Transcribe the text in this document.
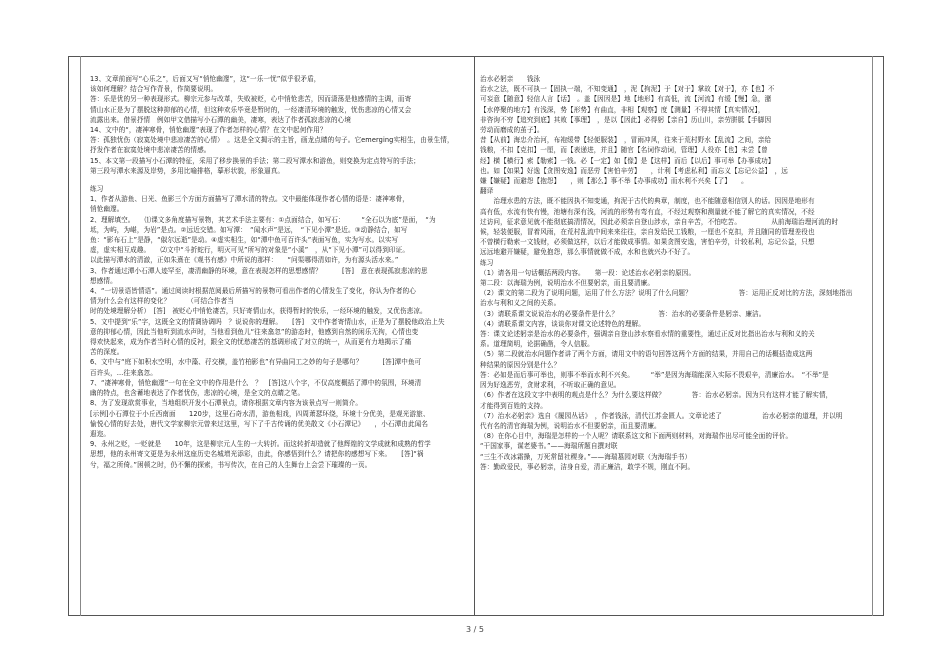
13、文章前面写“心乐之”，后面又写“悄怆幽邃”，这“一乐一忧”似乎很矛盾，

该如何理解？结合写作背景，作简要说明。

答：乐是优的另一种表现形式。柳宗元参与改革，失败被贬，心中悄怆悲苦，因而潇荡是他感情的主调，而寄

情山水正是为了摆脱这种抑郁的心情，但这种欢乐毕竟是暂时的，一经凄清环境的触发，忧伤悲凉的心情又会

流露出来。借景抒情　例如甲文借描写小石潭的幽美，凄寒，表达了作者孤寂悲凉的心境

14、文中的“，凄神寒骨，悄怆幽邃”表现了作者怎样的心情？在文中起何作用？

答：孤独忧伤（寂寞处境中悲凉凄苦的心情）　。这是全文揭示的主旨，画龙点睛的句子。它emerging实相生，由景生情，

抒发作者在寂寞处境中悲凉凄苦的情感。

15、本文第一段描写小石潭的特征，采用了移步换景的手法；第二段写潭水和游鱼，则变换为定点特写的手法；

第三段写潭水来源及岸势，多用比喻排格，摹形状貌，形象逼真。

练习

1、作者从游鱼、日光、鱼影三个方面方面描写了潭水清的特点。文中最能体现作者心情的语是：凄神寒骨，

悄怆幽邃。

2、理解填空。　　⑴课文多角度描写景物，其艺术手法主要有：①点面结合，如写石：　　　“全石以为底”是面，　“为

坻，为屿，为嵁，为岩”是点。②远近交错。如写潭：　“闻水声”是远，　“下见小潭”是近。③动静结合，如写

鱼：“影布石上”是静，“俶尔远逝”是动。④虚实相生，如“潭中鱼可百许头”表面写鱼，实为写水。以实写

虚，虚实相互成趣。　　⑵文中“斗折蛇行，明灭可见”所写的对象是“小溪”　，从“下见小潭”可以得到印证。

以此描写潭水的清澈，正如朱熹在《观书有感》中所说的那样：　　“问渠哪得清如许，为有源头活水来。”

3、作者通过潭小石潭人迹罕至，凄清幽静的环境，意在表现怎样的思想感情？　　　[答]　意在表现孤寂悲凉的思

想感情。

4、“一切景语皆情语”。通过阅读时根据范阅最后所描写的景物可看出作者的心情发生了变化，你认为作者的心

情为什么会有这样的变化？　　　（可结合作者当

时的处境理解分析）　[答]　被贬心中悄怆凄苦，只好寄情山水，获得暂时的快乐，一经环境的触发，又优伤悲凉。

5、文中提到“乐”字，这既全文的情调协调吗　？说说你的理解。　　[答]　文中作者寄情山水，正是为了摆脱他政治上失

意的抑郁心情，因此当他听到流水声时，当他看到鱼儿“往来翕忽”的游态时，他感到自然的闲乐无拘，心情也变

得欢快起来，成为作者当时心情的反衬，跟全文的忧愁凄苦的基调形成了对立的统一，从而更有力地揭示了痛

苦的深度。

6、文中与“庭下如积水空明，水中藻、荇交横，盖竹柏影也”有异曲同工之妙的句子是哪句？　　　[答]潭中鱼可

百许头，…往来翕忽。

7、“凄神寒骨，悄怆幽邃”一句在全文中的作用是什么　？　[答]这八个字，不仅高度概括了潭中的氛围，环境清

幽的特点，也含蓄地表达了作者忧伤，悲凉的心境，是全文的点睛之笔。

8、为了发现欲赏事业，当地组织开发小石潭景点，请你根据文章内容为该景点写一则简介。

[示例]小石潭位于小丘西南面　　120步，这里石奇水清，游鱼相戏，四周萧瑟环绕，环境十分优美，是观光游旅、

愉悦心情的好去处，唐代文学家柳宗元曾来过这里，写下了千古传诵的优美散文《小石潭记》　　，小石潭由此闻名

遐迩。

9、永州之贬，一贬就是　　10年，这是柳宗元人生的一大转折。而这转折却造就了他辉煌的文学成就和成熟的哲学

思想，他的永州寄文更是为永州这座历史名城增光添彩，由此，你感悟到什么？请把你的感想写下来。　　[答]“祸

兮，福之所倚。”困顿之时，仍不懈的探索，书写传次，在自己的人生舞台上会尝下璀璨的一页。

治水必躬亲　　钱泳

治水之法，既不可执一【固执一端，不知变通】　，泥【拘泥】于【对于】掌故【对于】，亦【也】不

可妄意【随意】轻信人言【话】　。盖【因因是】地【地形】有高低，流【河流】有缓【慢】急，潴

【水停聚的地方】有浅深，势【形势】有曲直，非相【观察】度【测量】不得其情【真实情况】，

非咨询不穷【追究到底】其败【事理】　，是以【因此】必得躬【亲自】历山川，亲劳胼胝【手脚因

劳动而磨成的茧子】。

昔【从前】海忠介治河，布袍缓带【轻便服装】　，冒雨冲风，往来于荒村野水【乱流】之间，亲给

钱粮，不扣【克扣】一厘，而【表递进，并且】随官【名词作动词，管理】人役亦【也】未尝【曾

经】横【横行】索【勒索】一钱。必【一定】如【像】是【这样】而后【以后】事可举【办事成功】

也。如【如果】好逸【贪图安逸】而恶劳【害怕辛劳】　　，计利【考虑私利】而忘义【忘记公益】　，远

嫌【嫌疑】而避怨【抱怨】　　，则【那么】事不举【办事成功】而水利不兴矣【了】　　。

翻译

　　治理水患的方法，既不能因执不知变通，拘泥于古代的典章，制度，也不能随意相信别人的话。因因是地形有

高有低，水流有快有慢，池塘有深有浅，河流的形势有弯有直，不经过观察和测量就不能了解它的真实情况，不经

过访问，征求意见就不能彻底搞清情况，因此必须亲自登山涉水，亲自辛苦，不怕吃苦。　　　　　从前海瑞治理河流的时

候，轻装便服，冒着风雨，在荒村乱流中间来来往往，亲自发给民工钱粮，一厘也不克扣，并且随同的管理差役也

不曾横行勒索一文钱财，必须做这样，以后才能做成事情。如果贪图安逸，害怕辛劳，计较私利，忘记公益，只想

远远地避开嫌疑，避免抱怨，那么事情就做不成，水和也就兴办不好了。

练习

（1）请各用一句话概括两段内容。　　第一段：论述治水必躬亲的原因。

第二段：以海瑞为例，说明治水不但要躬亲，而且要清廉。

（2）课文的第二段为了说明问题，运用了什么方法？说明了什么问题？　　　　　　　答：运用正反对比的方法，深刻地指出

治水与利和义之间的关系。

（3）请联系课文说说治水的必要条件是什么？　　　　　　答：治水的必要条件是躬亲、廉洁。

（4）请联系课文内容，谈谈你对课文论述特色的理解。

答：课文论述躬亲是治水的必要条件，强调亲自登山涉水察看水情的重要性，通过正反对比指出治水与利和义的关

系。道理简明，论据确凿，令人信服。

（5）第二段就治水问题作者讲了两个方面，请用文中的语句回答这两个方面的结果，并用自己的话概括造成这两

种结果的原因分别是什么？

答：必如是而后事可举也，则事不举而水利不兴矣。　　　“举”是因为海瑞能深入实际不畏艰辛，清廉治水。　“不举”是

因为好逸恶劳，贪财求利，不听取正确的意见。

（6）作者在这段文字中表明的观点是什么？为什么要这样做？　　　　答：治水必躬亲。因为只有这样才能了解实情，

才能得到百姓的支持。

（7）治水必躬亲》选自《履园丛话》　，作者钱泳，清代江苏金匮人。文章论述了　　　　　　治水必躬亲的道理，并以明

代有名的清官海瑞为例，说明治水不但要躬亲，而且要清廉。

（8）在你心目中，海瑞是怎样的一个人呢？请联系这文和下面两则材料，对海瑞作出尽可能全面的评价。

“干国家事，谋老婆书。”——海瑞所题自撰对联

“三生不改冰霜操，万死常留社稷身。”——海瑞墓园对联（为海瑞手书）

答：勤政爱民，事必躬亲，洁身自爱，清正廉洁，敢学不规，刚直不阿。

3 / 5
